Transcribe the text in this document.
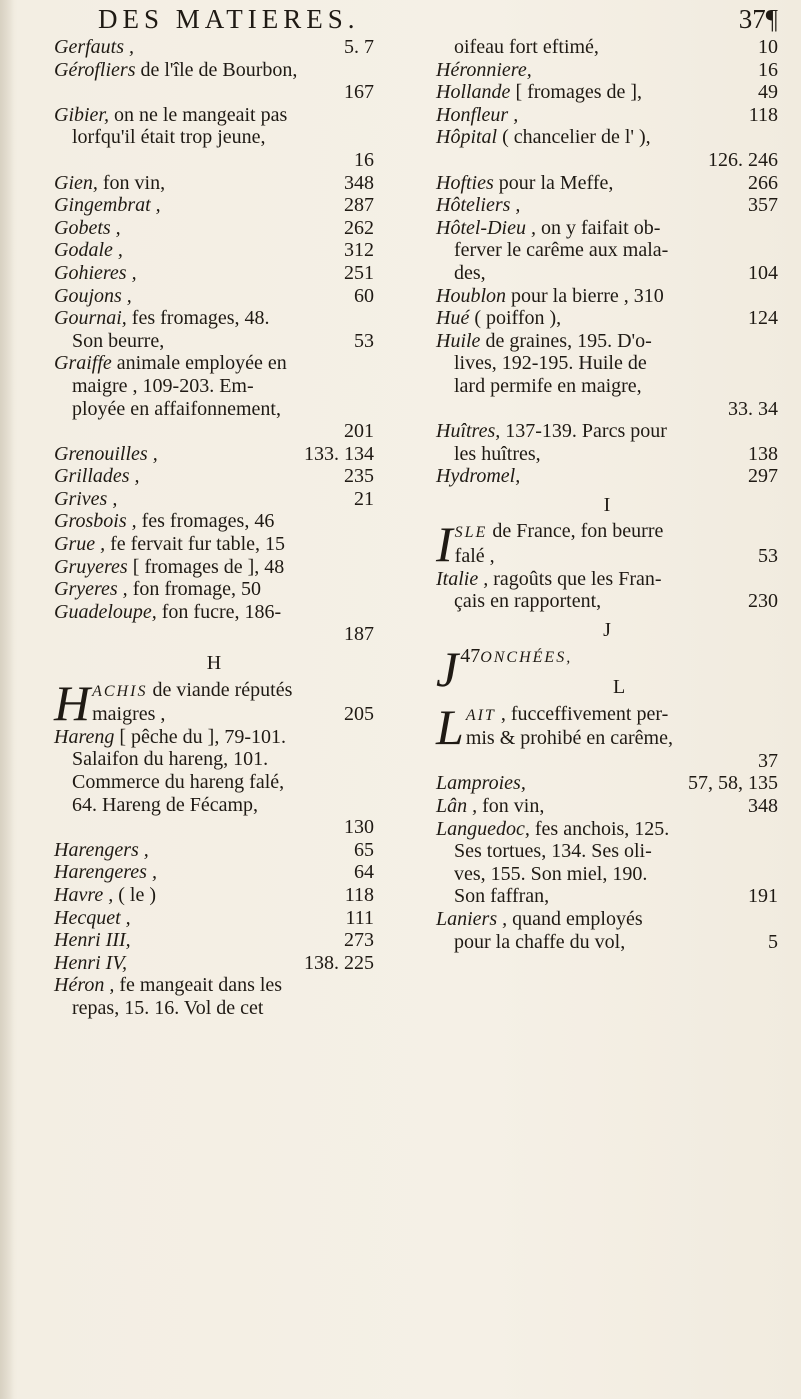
DES MATIERES.	37¶
5. 7
Gerfauts ,
Gérofliers de l'île de Bourbon,
167
Gibier, on ne le mangeait pas
lorfqu'il était trop jeune,
16
348
Gien, fon vin,
287
Gingembrat ,
262
Gobets ,
312
Godale ,
251
Gohieres ,
60
Goujons ,
Gournai, fes fromages, 48.
53
Son beurre,
Graiffe animale employée en
maigre , 109-203. Em-
ployée en affaifonnement,
201
133. 134
Grenouilles ,
235
Grillades ,
21
Grives ,
Grosbois , fes fromages, 46
Grue , fe fervait fur table, 15
Gruyeres [ fromages de ], 48
Gryeres , fon fromage, 50
Guadeloupe, fon fucre, 186-
187
H
HACHIS de viande réputés
205
maigres ,
Hareng [ pêche du ], 79-101.
Salaifon du hareng, 101.
Commerce du hareng falé,
64. Hareng de Fécamp,
130
65
Harengers ,
64
Harengeres ,
118
Havre , ( le )
111
Hecquet ,
273
Henri III,
138. 225
Henri IV,
Héron , fe mangeait dans les
repas, 15. 16. Vol de cet
10
oifeau fort eftimé,
16
Héronniere,
49
Hollande [ fromages de ],
118
Honfleur ,
Hôpital ( chancelier de l' ),
126. 246
266
Hofties pour la Meffe,
357
Hôteliers ,
Hôtel-Dieu , on y faifait ob-
ferver le carême aux mala-
104
des,
Houblon pour la bierre , 310
124
Hué ( poiffon ),
Huile de graines, 195. D'o-
lives, 192-195. Huile de
lard permife en maigre,
33. 34
Huîtres, 137-139. Parcs pour
138
les huîtres,
297
Hydromel,
I
ISLE de France, fon beurre
53
falé ,
Italie , ragoûts que les Fran-
230
çais en rapportent,
J
J 47ONCHÉES,
L
LAIT , fucceffivement per-
mis & prohibé en carême,
37
57, 58, 135
Lamproies,
348
Lân , fon vin,
Languedoc, fes anchois, 125.
Ses tortues, 134. Ses oli-
ves, 155. Son miel, 190.
191
Son faffran,
Laniers , quand employés
5
pour la chaffe du vol,
